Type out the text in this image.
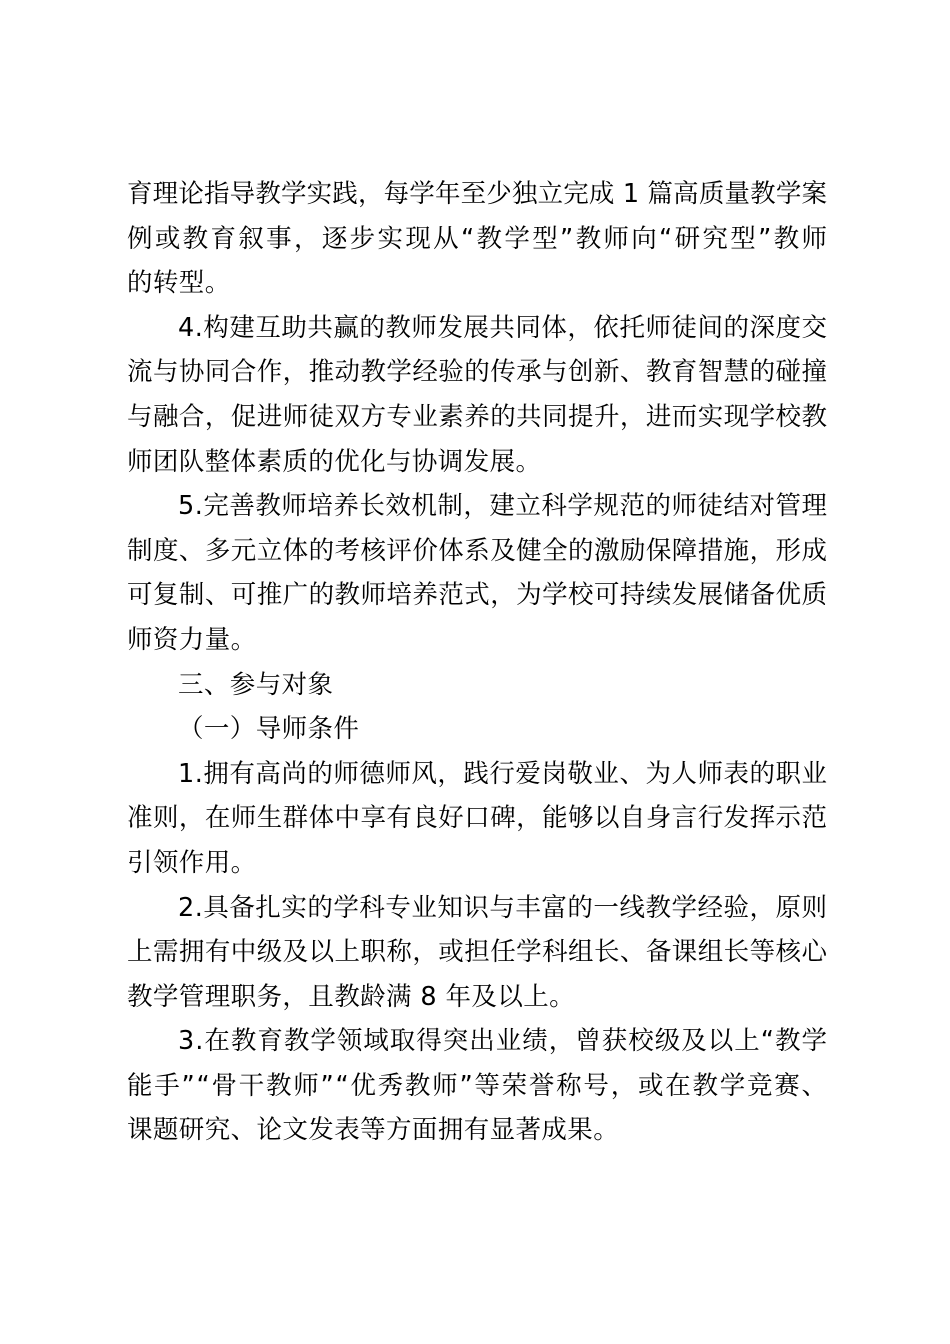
育理论指导教学实践，每学年至少独立完成 1 篇高质量教学案
例或教育叙事，逐步实现从“教学型”教师向“研究型”教师
的转型。

4.构建互助共赢的教师发展共同体，依托师徒间的深度交
流与协同合作，推动教学经验的传承与创新、教育智慧的碰撞
与融合，促进师徒双方专业素养的共同提升，进而实现学校教
师团队整体素质的优化与协调发展。

5.完善教师培养长效机制，建立科学规范的师徒结对管理
制度、多元立体的考核评价体系及健全的激励保障措施，形成
可复制、可推广的教师培养范式，为学校可持续发展储备优质
师资力量。

三、参与对象

（一）导师条件

1.拥有高尚的师德师风，践行爱岗敬业、为人师表的职业
准则，在师生群体中享有良好口碑，能够以自身言行发挥示范
引领作用。

2.具备扎实的学科专业知识与丰富的一线教学经验，原则
上需拥有中级及以上职称，或担任学科组长、备课组长等核心
教学管理职务，且教龄满 8 年及以上。

3.在教育教学领域取得突出业绩，曾获校级及以上“教学
能手”“骨干教师”“优秀教师”等荣誉称号，或在教学竞赛、
课题研究、论文发表等方面拥有显著成果。
